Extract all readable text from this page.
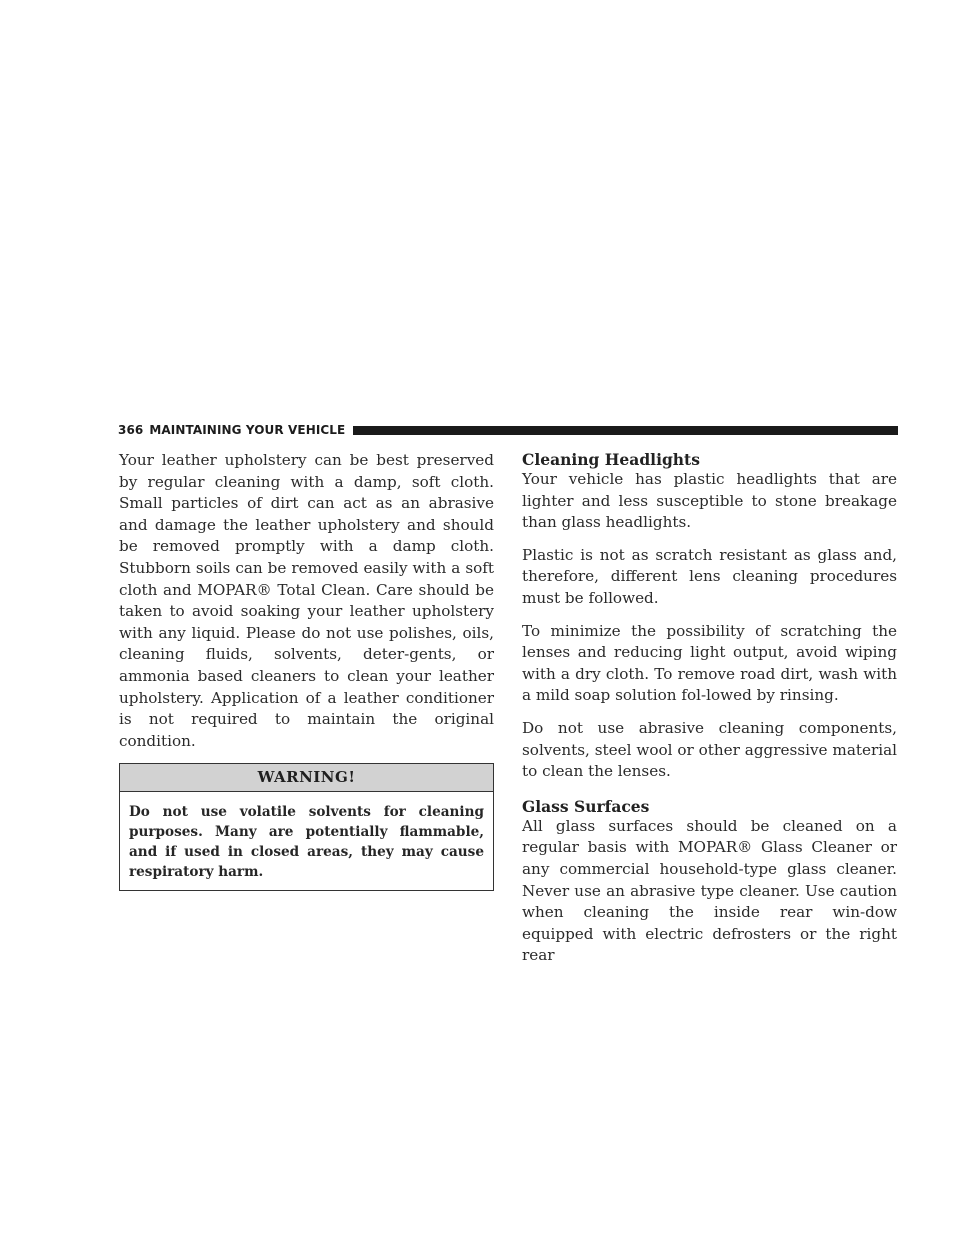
366 MAINTAINING YOUR VEHICLE

Your leather upholstery can be best preserved by regular cleaning with a damp, soft cloth. Small particles of dirt can act as an abrasive and damage the leather upholstery and should be removed promptly with a damp cloth. Stubborn soils can be removed easily with a soft cloth and MOPAR® Total Clean. Care should be taken to avoid soaking your leather upholstery with any liquid. Please do not use polishes, oils, cleaning fluids, solvents, deter-gents, or ammonia based cleaners to clean your leather upholstery. Application of a leather conditioner is not required to maintain the original condition.

WARNING!
Do not use volatile solvents for cleaning purposes. Many are potentially flammable, and if used in closed areas, they may cause respiratory harm.
Cleaning Headlights

Your vehicle has plastic headlights that are lighter and less susceptible to stone breakage than glass headlights.

Plastic is not as scratch resistant as glass and, therefore, different lens cleaning procedures must be followed.

To minimize the possibility of scratching the lenses and reducing light output, avoid wiping with a dry cloth. To remove road dirt, wash with a mild soap solution fol-lowed by rinsing.

Do not use abrasive cleaning components, solvents, steel wool or other aggressive material to clean the lenses.

Glass Surfaces

All glass surfaces should be cleaned on a regular basis with MOPAR® Glass Cleaner or any commercial household-type glass cleaner. Never use an abrasive type cleaner. Use caution when cleaning the inside rear win-dow equipped with electric defrosters or the right rear
